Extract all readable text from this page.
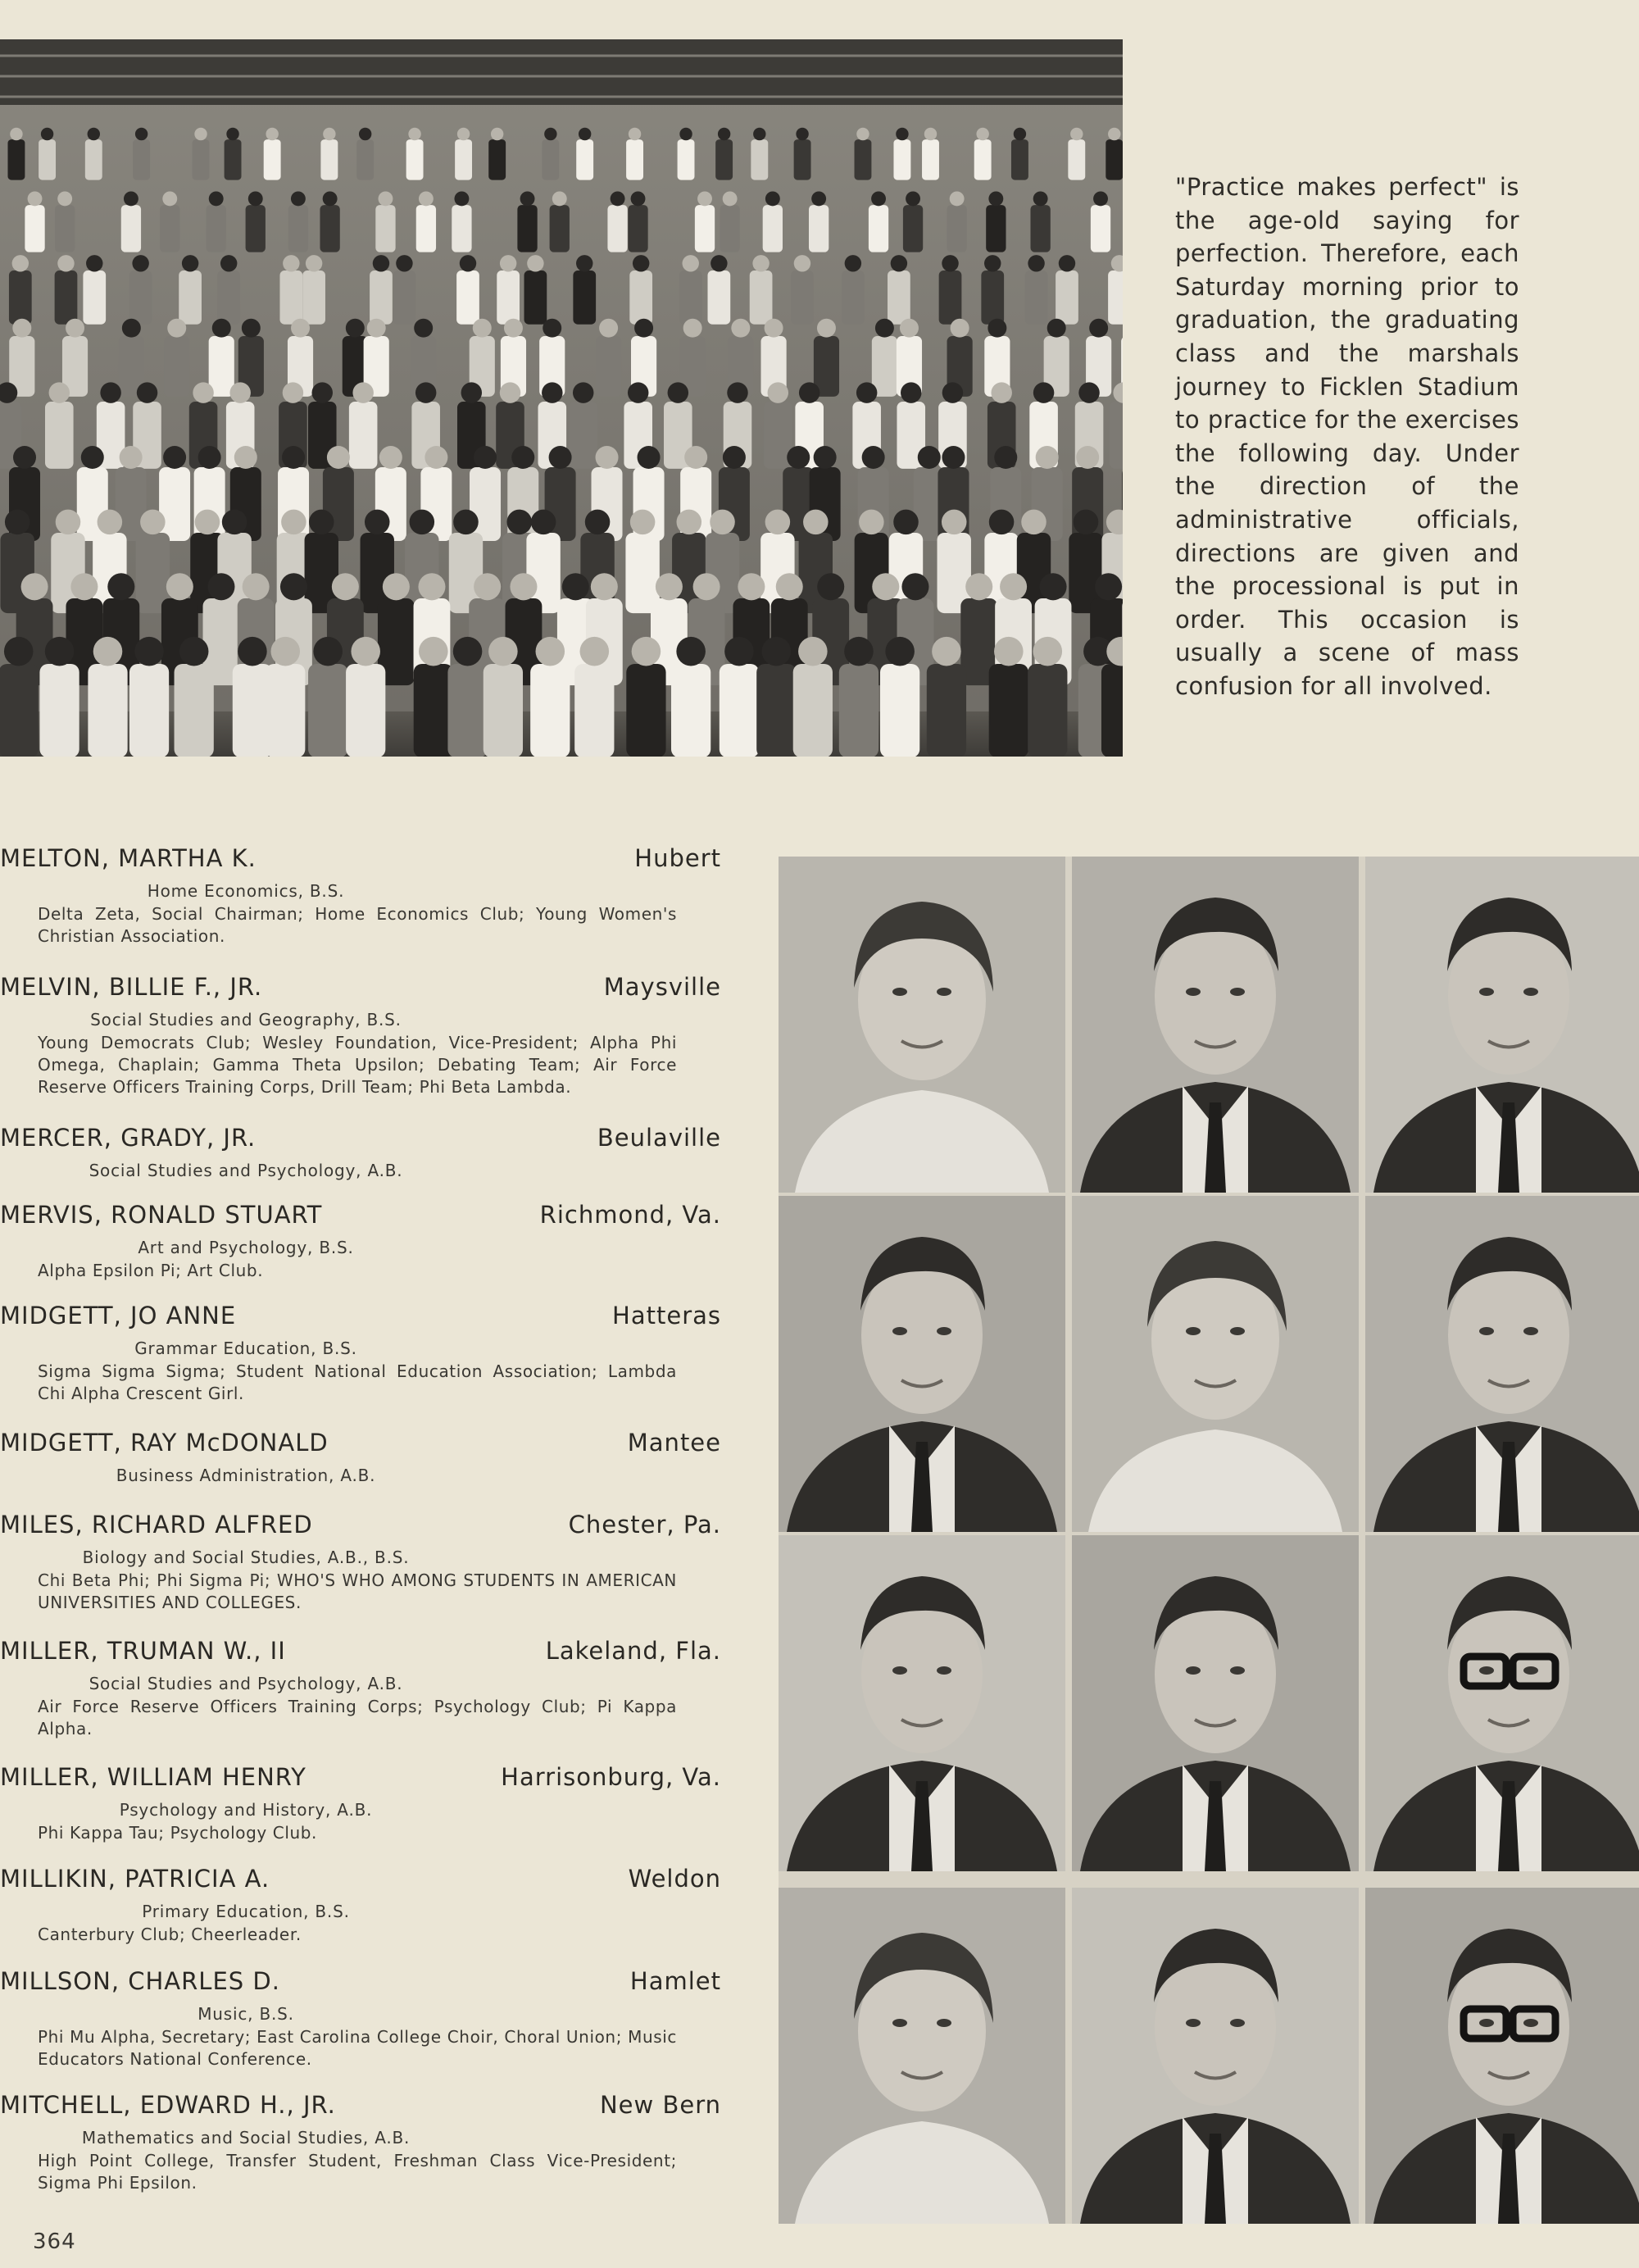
"Practice makes perfect" is the age-old saying for perfection. Therefore, each Saturday morning prior to graduation, the graduating class and the marshals journey to Ficklen Stadium to practice for the exercises the following day. Under the direction of the administrative officials, directions are given and the processional is put in order. This occasion is usually a scene of mass confusion for all involved.

MELTON, MARTHA K.	Hubert
Home Economics, B.S.
Delta Zeta, Social Chairman; Home Economics Club; Young Women's Christian Association.
MELVIN, BILLIE F., JR.	Maysville
Social Studies and Geography, B.S.
Young Democrats Club; Wesley Foundation, Vice-President; Alpha Phi Omega, Chaplain; Gamma Theta Upsilon; Debating Team; Air Force Reserve Officers Training Corps, Drill Team; Phi Beta Lambda.
MERCER, GRADY, JR.	Beulaville
Social Studies and Psychology, A.B.
MERVIS, RONALD STUART	Richmond, Va.
Art and Psychology, B.S.
Alpha Epsilon Pi; Art Club.
MIDGETT, JO ANNE	Hatteras
Grammar Education, B.S.
Sigma Sigma Sigma; Student National Education Association; Lambda Chi Alpha Crescent Girl.
MIDGETT, RAY McDONALD	Mantee
Business Administration, A.B.
MILES, RICHARD ALFRED	Chester, Pa.
Biology and Social Studies, A.B., B.S.
Chi Beta Phi; Phi Sigma Pi; WHO'S WHO AMONG STUDENTS IN AMERICAN UNIVERSITIES AND COLLEGES.
MILLER, TRUMAN W., II	Lakeland, Fla.
Social Studies and Psychology, A.B.
Air Force Reserve Officers Training Corps; Psychology Club; Pi Kappa Alpha.
MILLER, WILLIAM HENRY	Harrisonburg, Va.
Psychology and History, A.B.
Phi Kappa Tau; Psychology Club.
MILLIKIN, PATRICIA A.	Weldon
Primary Education, B.S.
Canterbury Club; Cheerleader.
MILLSON, CHARLES D.	Hamlet
Music, B.S.
Phi Mu Alpha, Secretary; East Carolina College Choir, Choral Union; Music Educators National Conference.
MITCHELL, EDWARD H., JR.	New Bern
Mathematics and Social Studies, A.B.
High Point College, Transfer Student, Freshman Class Vice-President; Sigma Phi Epsilon.
364
